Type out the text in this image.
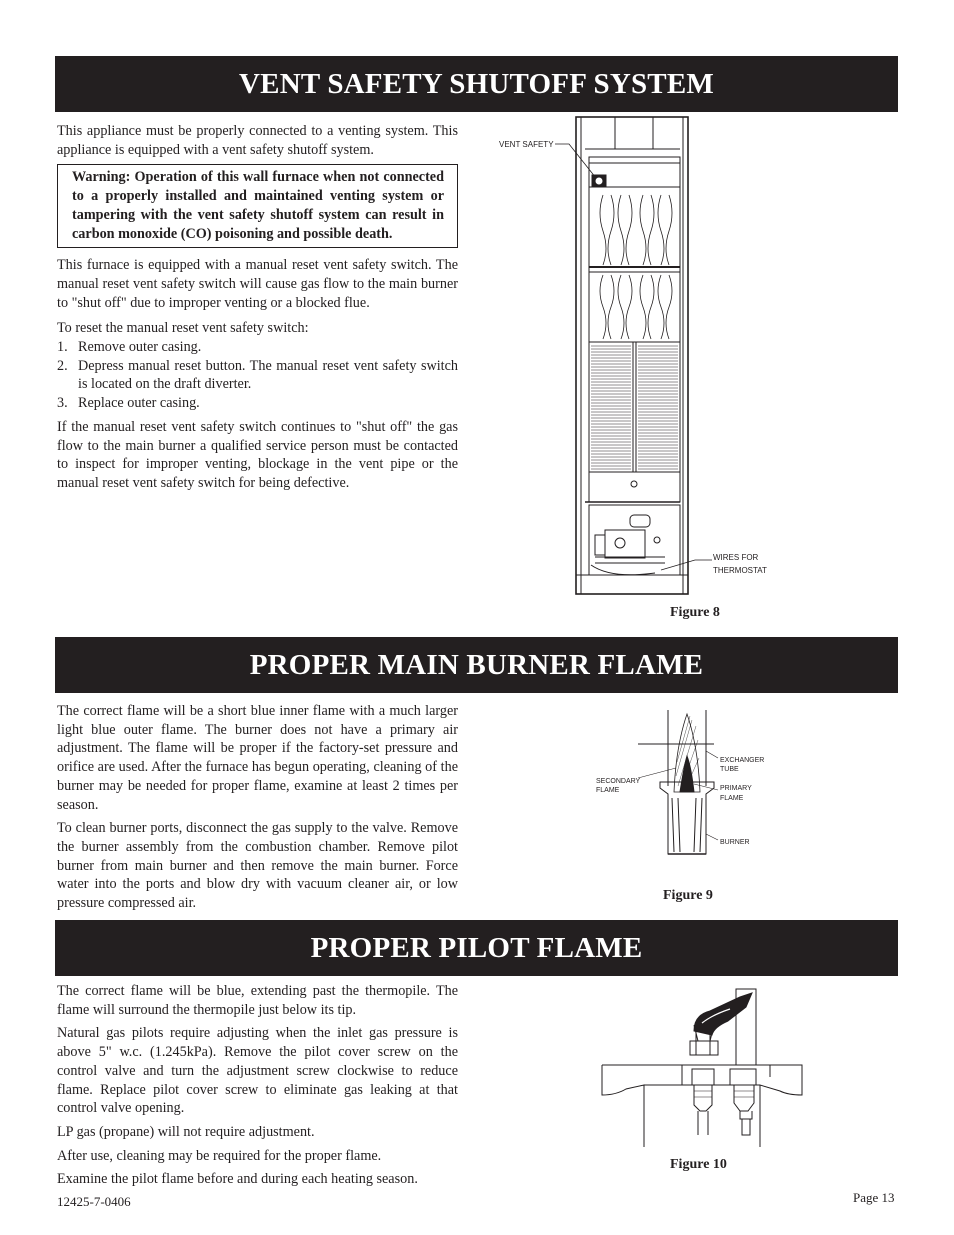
VENT SAFETY SHUTOFF SYSTEM

This appliance must be properly connected to a venting system. This appliance is equipped with a vent safety shutoff system.

Warning: Operation of this wall furnace when not connected to a properly installed and maintained venting system or tampering with the vent safety shutoff system can result in carbon monoxide (CO) poisoning and possible death.

This furnace is equipped with a manual reset vent safety switch. The manual reset vent safety switch will cause gas flow to the main burner to "shut off" due to improper venting or a blocked flue.

To reset the manual reset vent safety switch:

1. Remove outer casing.
2. Depress manual reset button. The manual reset vent safety switch is located on the draft diverter.
3. Replace outer casing.

If the manual reset vent safety switch continues to "shut off" the gas flow to the main burner a qualified service person must be contacted to inspect for improper venting, blockage in the vent pipe or the manual reset vent safety switch for being defective.

VENT SAFETY
WIRES FOR
THERMOSTAT
Figure 8
PROPER MAIN BURNER FLAME

The correct flame will be a short blue inner flame with a much larger light blue outer flame. The burner does not have a primary air adjustment. The flame will be proper if the factory-set pressure and orifice are used. After the furnace has begun operating, cleaning of the burner may be needed for proper flame, examine at least 2 times per season.

To clean burner ports, disconnect the gas supply to the valve. Remove the burner assembly from the combustion chamber. Remove pilot burner from main burner and then remove the main burner. Force water into the ports and blow dry with vacuum cleaner air, or low pressure compressed air.

EXCHANGER
TUBE
SECONDARY
FLAME	PRIMARY
FLAME
BURNER
Figure 9
PROPER PILOT FLAME

The correct flame will be blue, extending past the thermopile. The flame will surround the thermopile just below its tip.

Natural gas pilots require adjusting when the inlet gas pressure is above 5" w.c. (1.245kPa). Remove the pilot cover screw on the control valve and turn the adjustment screw clockwise to reduce flame. Replace pilot cover screw to eliminate gas leaking at that control valve opening.

LP gas (propane) will not require adjustment.

After use, cleaning may be required for the proper flame.

Examine the pilot flame before and during each heating season.

Figure 10
12425-7-0406	Page 13
